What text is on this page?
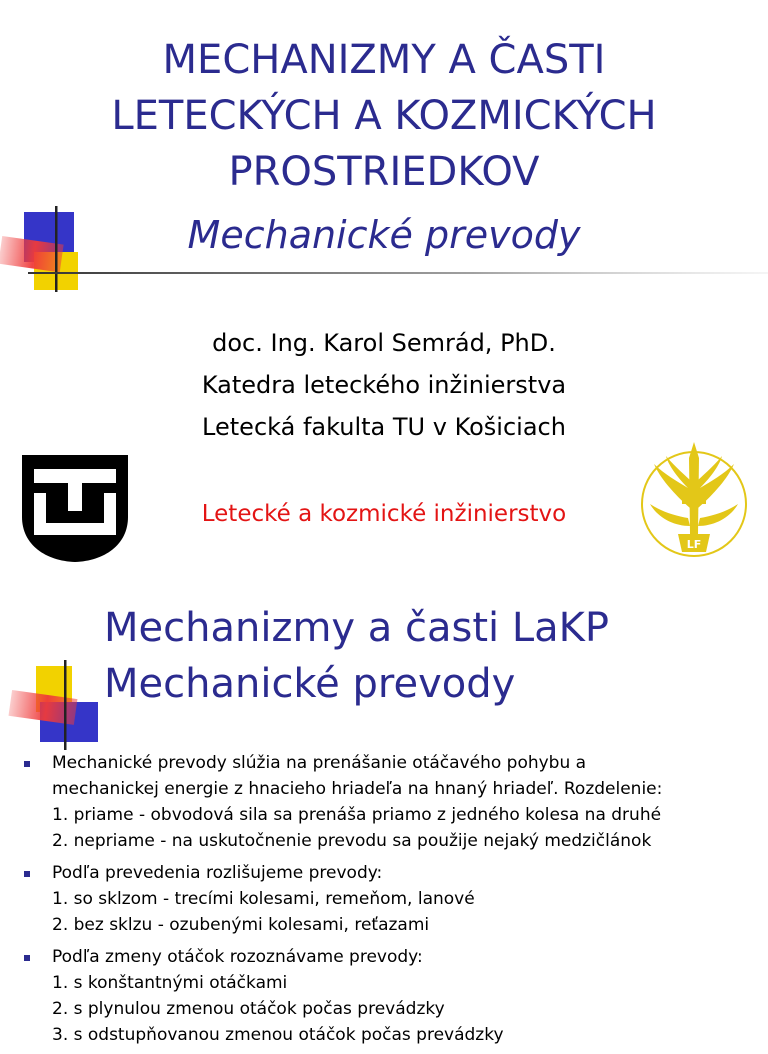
MECHANIZMY A ČASTI
LETECKÝCH A KOZMICKÝCH
PROSTRIEDKOV
Mechanické prevody
doc. Ing. Karol Semrád, PhD.
Katedra leteckého inžinierstva
Letecká fakulta TU v Košiciach
Letecké a kozmické inžinierstvo
LF
Mechanizmy a časti LaKP
Mechanické prevody
Mechanické prevody slúžia na prenášanie otáčavého pohybu a
mechanickej energie z hnacieho hriadeľa na hnaný hriadeľ. Rozdelenie:
1. priame - obvodová sila sa prenáša priamo z jedného kolesa na druhé
2. nepriame - na uskutočnenie prevodu sa použije nejaký medzičlánok
Podľa prevedenia rozlišujeme prevody:
1. so sklzom - trecími kolesami, remeňom, lanové
2. bez sklzu - ozubenými kolesami, reťazami
Podľa zmeny otáčok rozoznávame prevody:
1. s konštantnými otáčkami
2. s plynulou zmenou otáčok počas prevádzky
3. s odstupňovanou zmenou otáčok počas prevádzky
